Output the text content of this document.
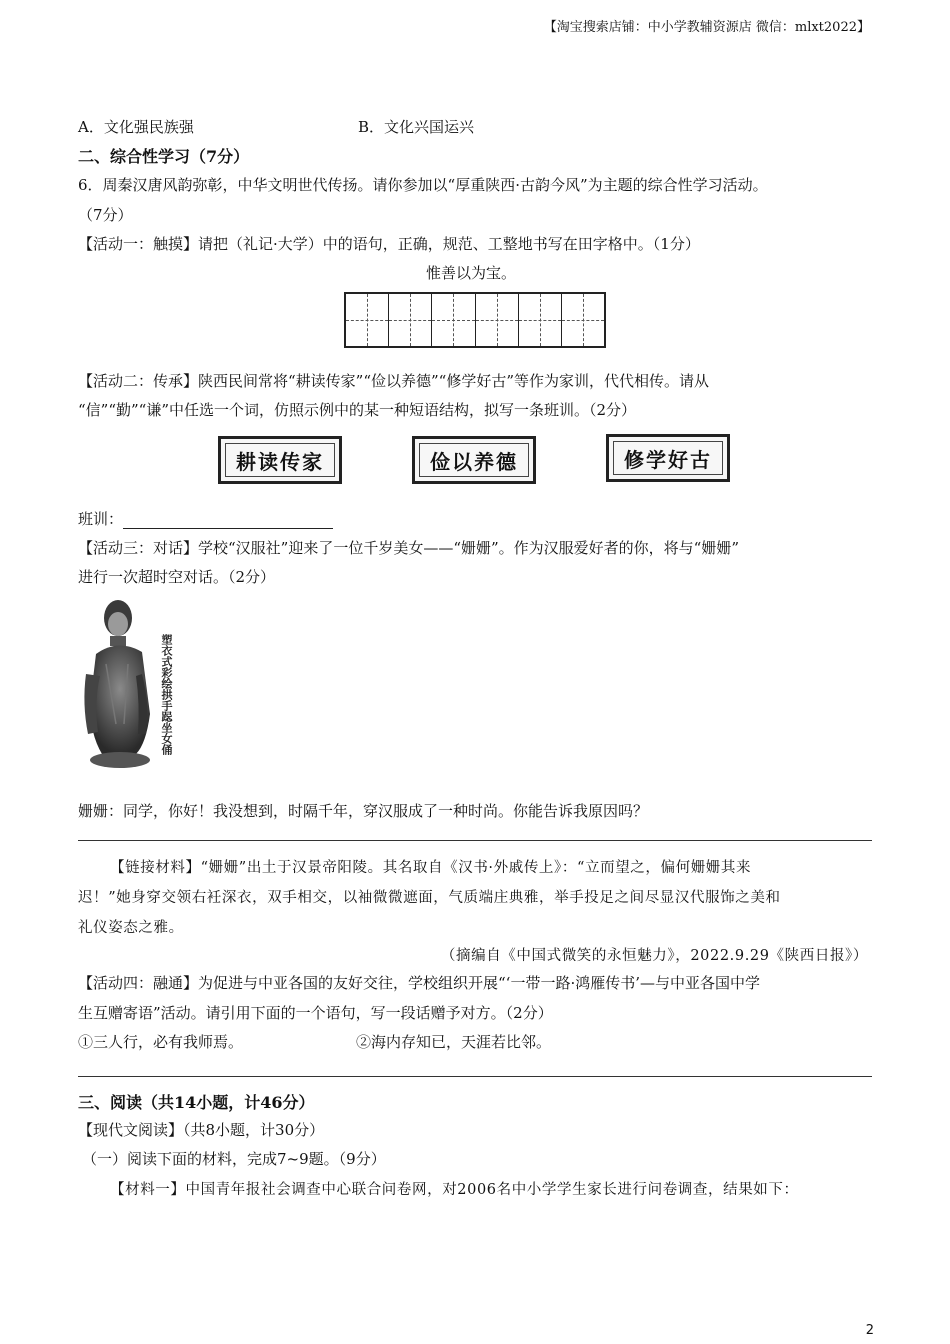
【淘宝搜索店铺：中小学教辅资源店 微信：mlxt2022】
A．文化强民族强	B．文化兴国运兴
二、综合性学习（7分）
6．周秦汉唐风韵弥彰，中华文明世代传扬。请你参加以“厚重陕西·古韵今风”为主题的综合性学习活动。
（7分）
【活动一：触摸】请把（礼记·大学）中的语句，正确，规范、工整地书写在田字格中。（1分）
惟善以为宝。
【活动二：传承】陕西民间常将“耕读传家”“俭以养德”“修学好古”等作为家训，代代相传。请从
“信”“勤”“谦”中任选一个词，仿照示例中的某一种短语结构，拟写一条班训。（2分）
耕读传家	俭以养德	修学好古
班训：
【活动三：对话】学校“汉服社”迎来了一位千岁美女——“姗姗”。作为汉服爱好者的你，将与“姗姗”
进行一次超时空对话。（2分）
塑衣式彩绘拱手跽坐女俑
姗姗：同学，你好！我没想到，时隔千年，穿汉服成了一种时尚。你能告诉我原因吗？
【链接材料】“姗姗”出土于汉景帝阳陵。其名取自《汉书·外戚传上》：“立而望之，偏何姗姗其来
迟！”她身穿交领右衽深衣，双手相交，以袖微微遮面，气质端庄典雅，举手投足之间尽显汉代服饰之美和
礼仪姿态之雅。
（摘编自《中国式微笑的永恒魅力》，2022.9.29《陕西日报》）
【活动四：融通】为促进与中亚各国的友好交往，学校组织开展“‘一带一路·鸿雁传书’—与中亚各国中学
生互赠寄语”活动。请引用下面的一个语句，写一段话赠予对方。（2分）
①三人行，必有我师焉。	②海内存知已，天涯若比邻。
三、阅读（共14小题，计46分）
【现代文阅读】（共8小题，计30分）
（一）阅读下面的材料，完成7~9题。（9分）
【材料一】中国青年报社会调查中心联合问卷网，对2006名中小学学生家长进行问卷调查，结果如下：
2
